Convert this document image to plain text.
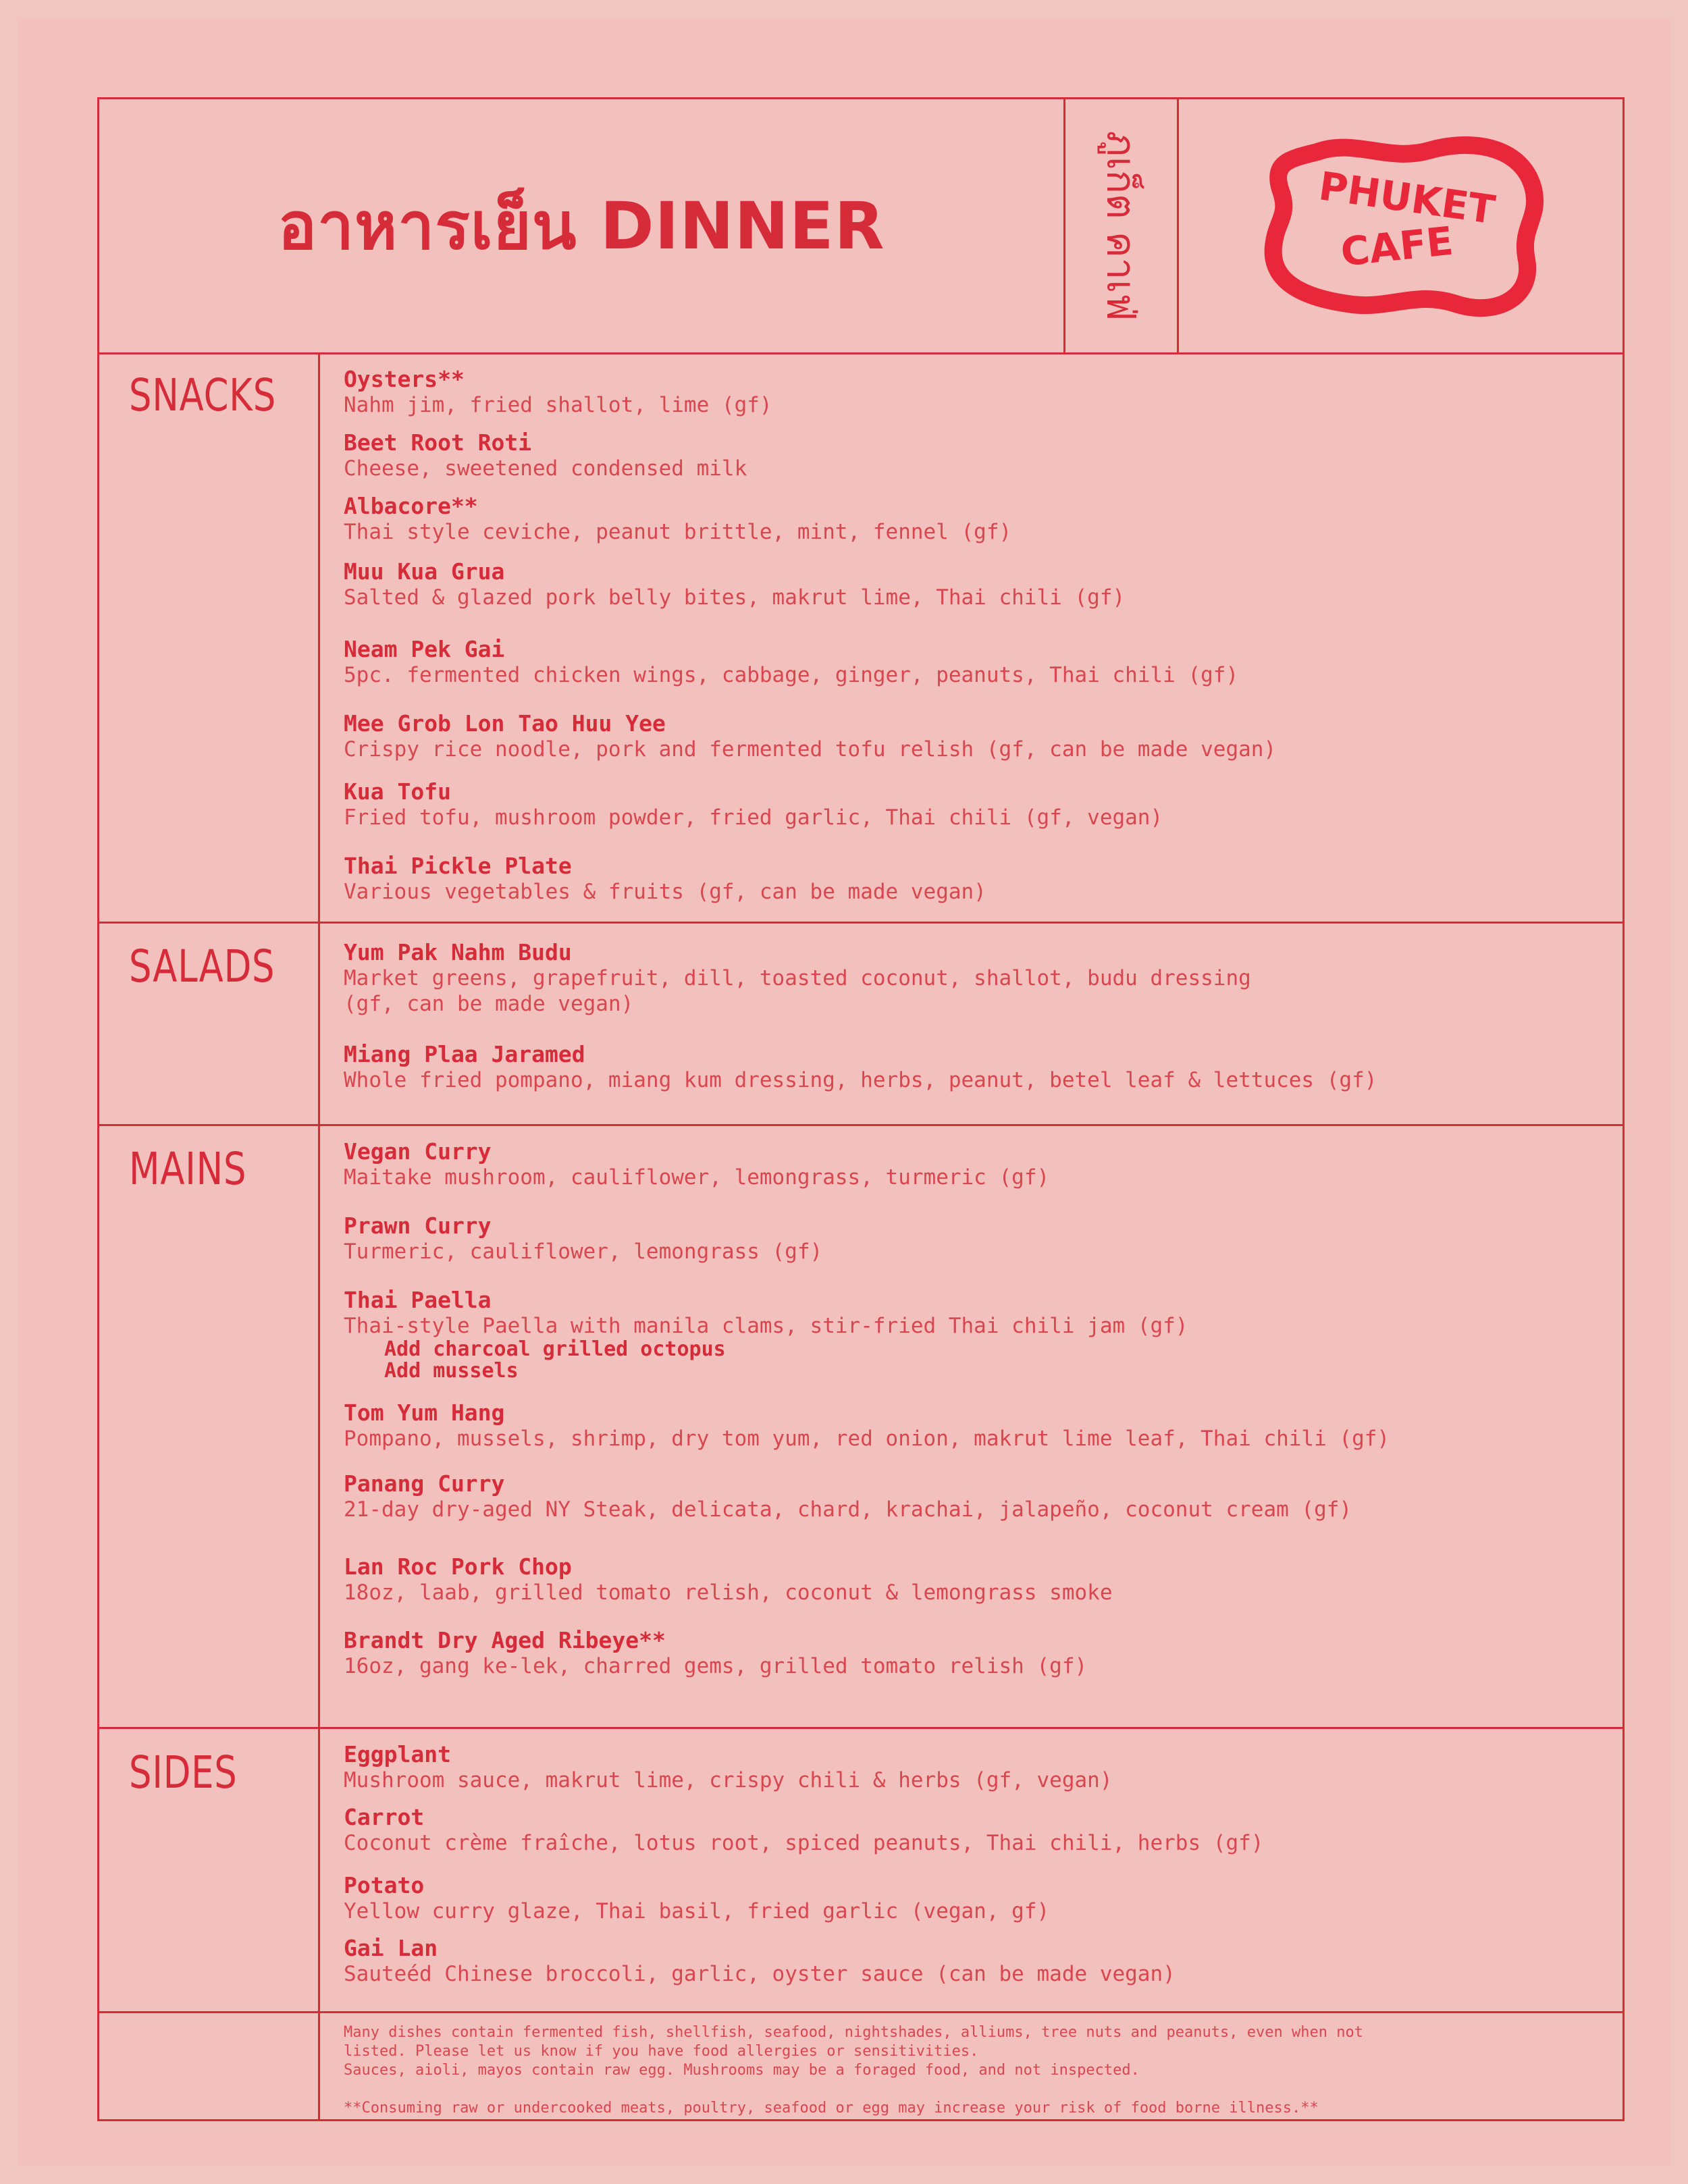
อาหารเย็น DINNER	ภูเก็ต คาเฟ่	PHUKET
CAFE
SNACKS	Oysters**
Nahm jim, fried shallot, lime (gf)
Beet Root Roti
Cheese, sweetened condensed milk
Albacore**
Thai style ceviche, peanut brittle, mint, fennel (gf)
Muu Kua Grua
Salted & glazed pork belly bites, makrut lime, Thai chili (gf)
Neam Pek Gai
5pc. fermented chicken wings, cabbage, ginger, peanuts, Thai chili (gf)
Mee Grob Lon Tao Huu Yee
Crispy rice noodle, pork and fermented tofu relish (gf, can be made vegan)
Kua Tofu
Fried tofu, mushroom powder, fried garlic, Thai chili (gf, vegan)
Thai Pickle Plate
Various vegetables & fruits (gf, can be made vegan)
SALADS	Yum Pak Nahm Budu
Market greens, grapefruit, dill, toasted coconut, shallot, budu dressing
(gf, can be made vegan)
Miang Plaa Jaramed
Whole fried pompano, miang kum dressing, herbs, peanut, betel leaf & lettuces (gf)
MAINS	Vegan Curry
Maitake mushroom, cauliflower, lemongrass, turmeric (gf)
Prawn Curry
Turmeric, cauliflower, lemongrass (gf)
Thai Paella
Thai-style Paella with manila clams, stir-fried Thai chili jam (gf)
Add charcoal grilled octopus
Add mussels
Tom Yum Hang
Pompano, mussels, shrimp, dry tom yum, red onion, makrut lime leaf, Thai chili (gf)
Panang Curry
21-day dry-aged NY Steak, delicata, chard, krachai, jalapeño, coconut cream (gf)
Lan Roc Pork Chop
18oz, laab, grilled tomato relish, coconut & lemongrass smoke
Brandt Dry Aged Ribeye**
16oz, gang ke-lek, charred gems, grilled tomato relish (gf)
SIDES	Eggplant
Mushroom sauce, makrut lime, crispy chili & herbs (gf, vegan)
Carrot
Coconut crème fraîche, lotus root, spiced peanuts, Thai chili, herbs (gf)
Potato
Yellow curry glaze, Thai basil, fried garlic (vegan, gf)
Gai Lan
Sauteéd Chinese broccoli, garlic, oyster sauce (can be made vegan)
Many dishes contain fermented fish, shellfish, seafood, nightshades, alliums, tree nuts and peanuts, even when not
listed. Please let us know if you have food allergies or sensitivities.
Sauces, aioli, mayos contain raw egg. Mushrooms may be a foraged food, and not inspected.
**Consuming raw or undercooked meats, poultry, seafood or egg may increase your risk of food borne illness.**
